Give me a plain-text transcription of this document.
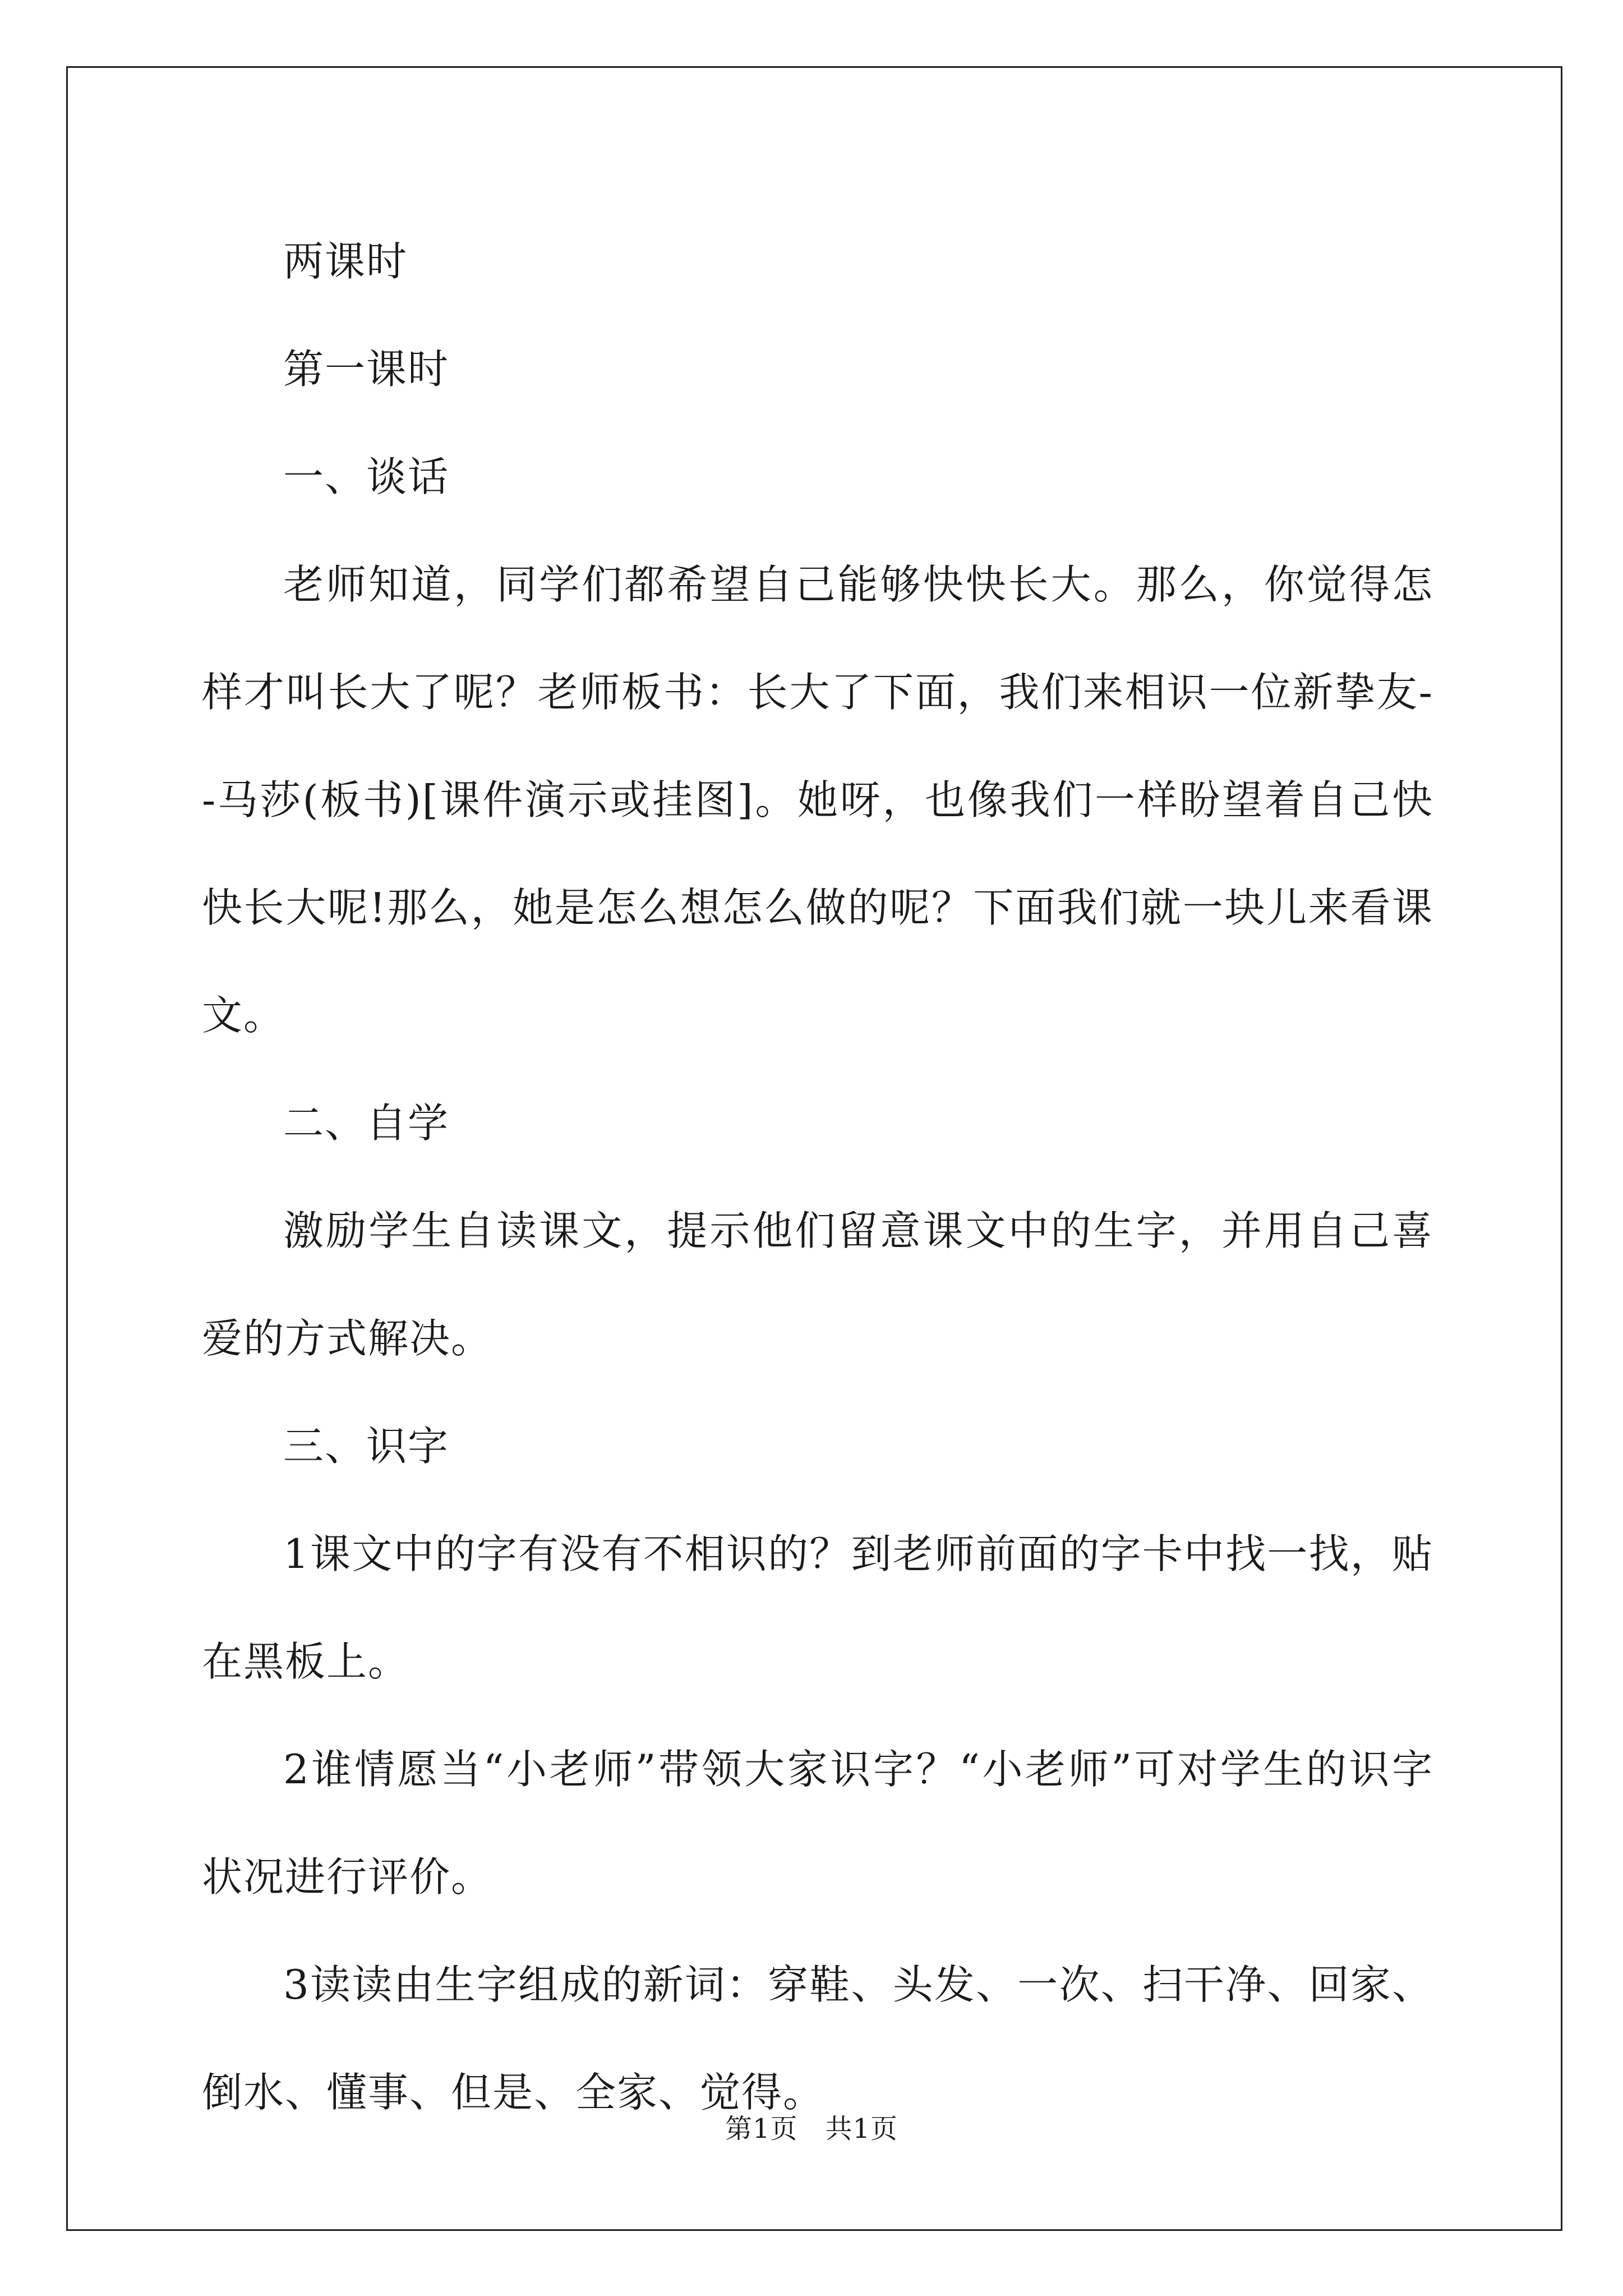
两课时

第一课时

一、谈话

老师知道，同学们都希望自己能够快快长大。那么，你觉得怎样才叫长大了呢？老师板书：长大了下面，我们来相识一位新挚友--马莎(板书)[课件演示或挂图]。她呀，也像我们一样盼望着自己快快长大呢!那么，她是怎么想怎么做的呢？下面我们就一块儿来看课文。

二、自学

激励学生自读课文，提示他们留意课文中的生字，并用自己喜爱的方式解决。

三、识字

1课文中的字有没有不相识的？到老师前面的字卡中找一找，贴在黑板上。

2谁情愿当“小老师”带领大家识字？“小老师”可对学生的识字状况进行评价。

3读读由生字组成的新词：穿鞋、头发、一次、扫干净、回家、倒水、懂事、但是、全家、觉得。

第1页　共1页
